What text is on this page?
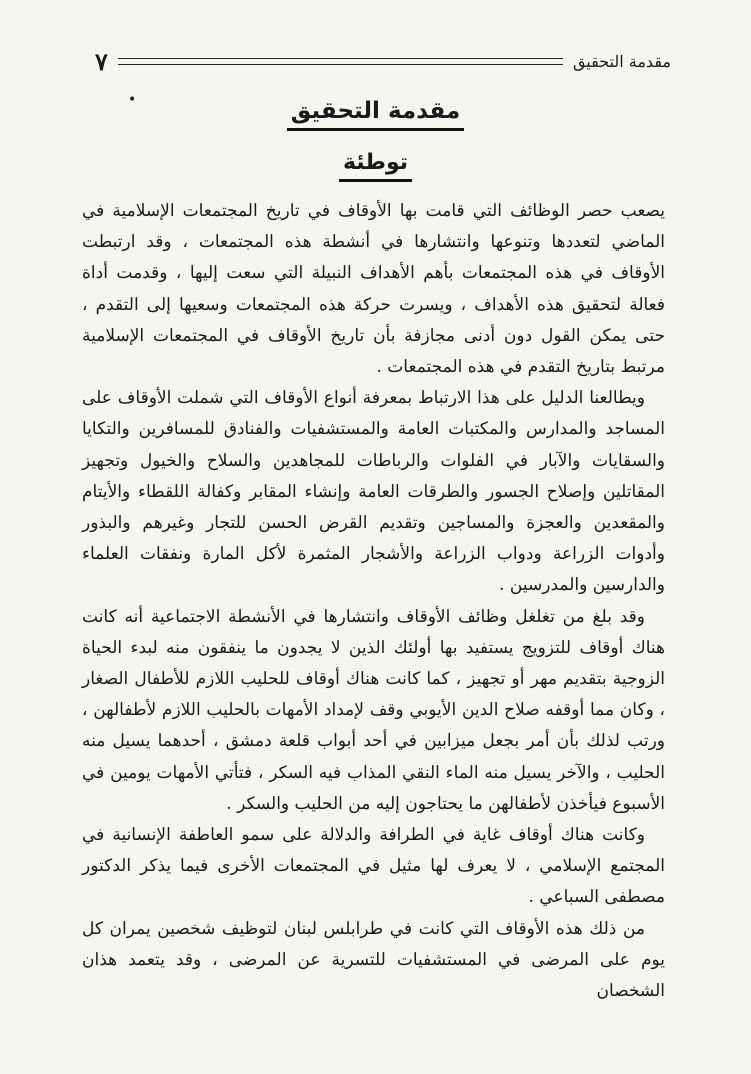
مقدمة التحقيق
٧
مقدمة التحقيق
توطئة

يصعب حصر الوظائف التي قامت بها الأوقاف في تاريخ المجتمعات الإسلامية في الماضي لتعددها وتنوعها وانتشارها في أنشطة هذه المجتمعات ، وقد ارتبطت الأوقاف في هذه المجتمعات بأهم الأهداف النبيلة التي سعت إليها ، وقدمت أداة فعالة لتحقيق هذه الأهداف ، ويسرت حركة هذه المجتمعات وسعيها إلى التقدم ، حتى يمكن القول دون أدنى مجازفة بأن تاريخ الأوقاف في المجتمعات الإسلامية مرتبط بتاريخ التقدم في هذه المجتمعات .

ويطالعنا الدليل على هذا الارتباط بمعرفة أنواع الأوقاف التي شملت الأوقاف على المساجد والمدارس والمكتبات العامة والمستشفيات والفنادق للمسافرين والتكايا والسقايات والآبار في الفلوات والرباطات للمجاهدين والسلاح والخيول وتجهيز المقاتلين وإصلاح الجسور والطرقات العامة وإنشاء المقابر وكفالة اللقطاء والأيتام والمقعدين والعجزة والمساجين وتقديم القرض الحسن للتجار وغيرهم والبذور وأدوات الزراعة ودواب الزراعة والأشجار المثمرة لأكل المارة ونفقات العلماء والدارسين والمدرسين .

وقد بلغ من تغلغل وظائف الأوقاف وانتشارها في الأنشطة الاجتماعية أنه كانت هناك أوقاف للتزويج يستفيد بها أولئك الذين لا يجدون ما ينفقون منه لبدء الحياة الزوجية بتقديم مهر أو تجهيز ، كما كانت هناك أوقاف للحليب اللازم للأطفال الصغار ، وكان مما أوقفه صلاح الدين الأيوبي وقف لإمداد الأمهات بالحليب اللازم لأطفالهن ، ورتب لذلك بأن أمر بجعل ميزابين في أحد أبواب قلعة دمشق ، أحدهما يسيل منه الحليب ، والآخر يسيل منه الماء النقي المذاب فيه السكر ، فتأتي الأمهات يومين في الأسبوع فيأخذن لأطفالهن ما يحتاجون إليه من الحليب والسكر .

وكانت هناك أوقاف غاية في الطرافة والدلالة على سمو العاطفة الإنسانية في المجتمع الإسلامي ، لا يعرف لها مثيل في المجتمعات الأخرى فيما يذكر الدكتور مصطفى السباعي .

من ذلك هذه الأوقاف التي كانت في طرابلس لبنان لتوظيف شخصين يمران كل يوم على المرضى في المستشفيات للتسرية عن المرضى ، وقد يتعمد هذان الشخصان

•
